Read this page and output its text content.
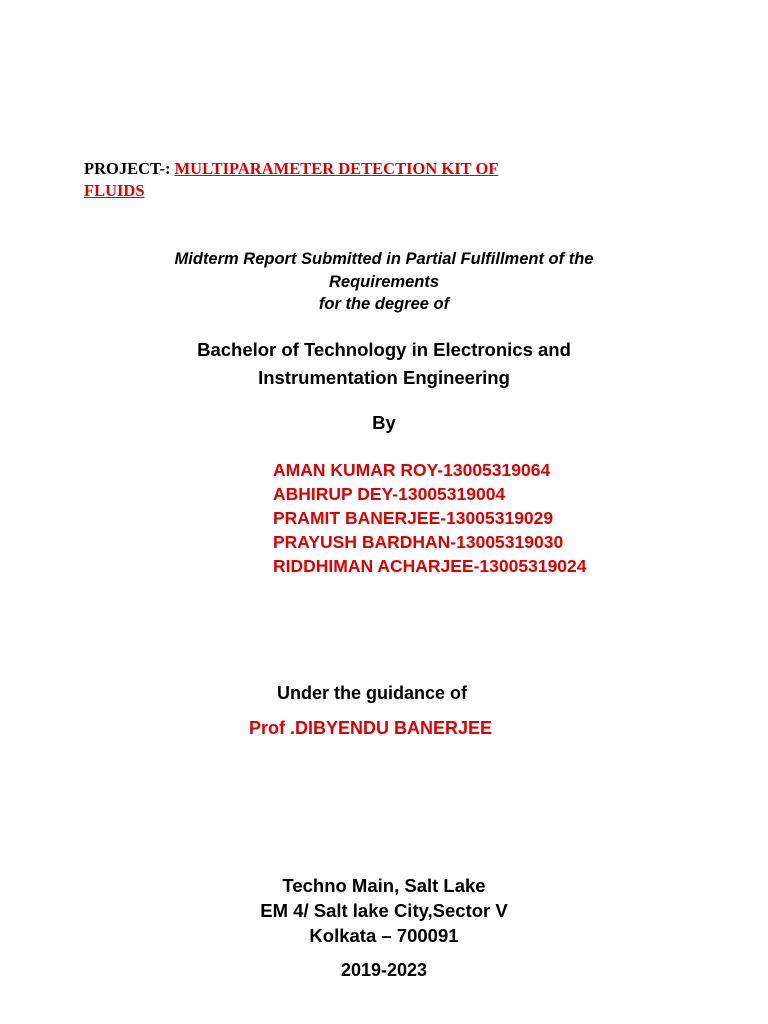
PROJECT-: MULTIPARAMETER DETECTION KIT OF
FLUIDS
Midterm Report Submitted in Partial Fulfillment of the
Requirements
for the degree of
Bachelor of Technology in Electronics and
Instrumentation Engineering
By
AMAN KUMAR ROY-13005319064
ABHIRUP DEY-13005319004
PRAMIT BANERJEE-13005319029
PRAYUSH BARDHAN-13005319030
RIDDHIMAN ACHARJEE-13005319024
Under the guidance of
Prof .DIBYENDU BANERJEE
Techno Main, Salt Lake
EM 4/ Salt lake City,Sector V
Kolkata – 700091
2019-2023
